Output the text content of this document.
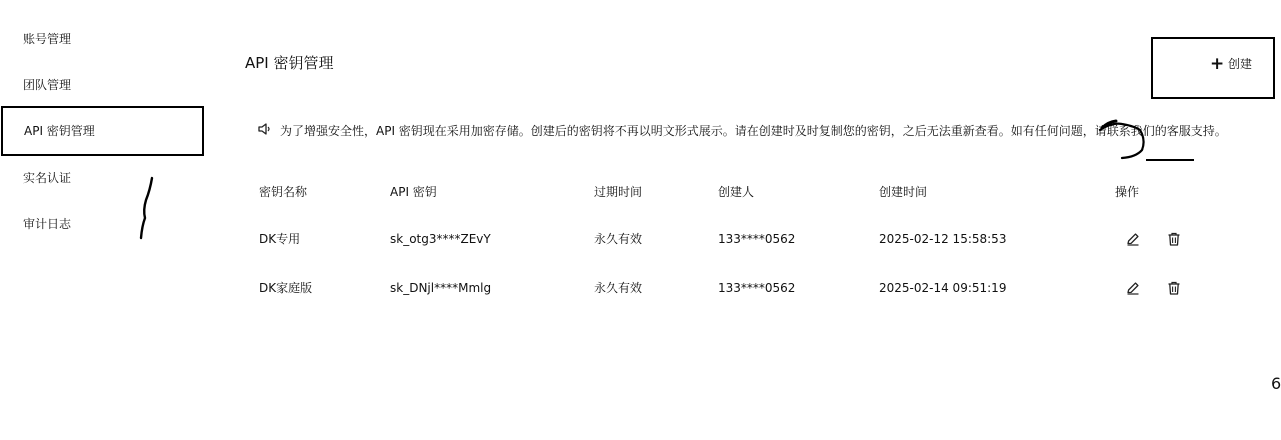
账号管理
团队管理
API 密钥管理
实名认证
审计日志
API 密钥管理	+ 创建
为了增强安全性，API 密钥现在采用加密存储。创建后的密钥将不再以明文形式展示。请在创建时及时复制您的密钥，之后无法重新查看。如有任何问题，请联系我们的客服支持。
密钥名称	API 密钥	过期时间	创建人	创建时间	操作
DK专用	sk_otg3****ZEvY	永久有效	133****0562	2025-02-12 15:58:53
DK家庭版	sk_DNjl****Mmlg	永久有效	133****0562	2025-02-14 09:51:19
6
